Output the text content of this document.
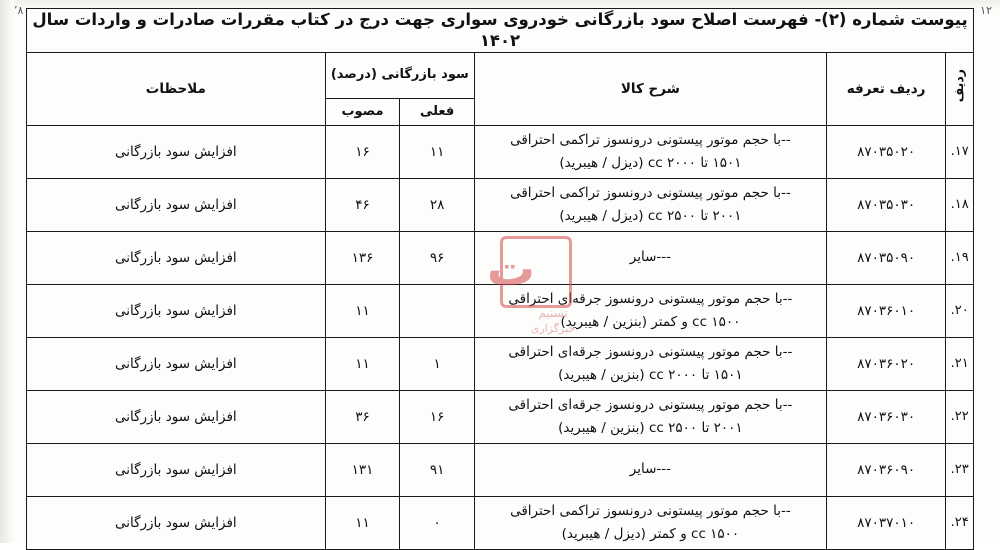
٬۸	۱۲
پیوست شماره (۲)- فهرست اصلاح سود بازرگانی خودروی سواری جهت درج در کتاب مقررات صادرات و واردات سال ۱۴۰۲					
ردیف	ردیف تعرفه	شرح کالا	سود بازرگانی (درصد)		ملاحظات
			فعلی	مصوب	
۱۷.	۸۷۰۳۵۰۲۰	--با حجم موتور پیستونی درونسوز تراکمی احتراقی
۱۵۰۱ تا ۲۰۰۰ cc (دیزل / هیبرید)	۱۱	۱۶	افزایش سود بازرگانی
۱۸.	۸۷۰۳۵۰۳۰	--با حجم موتور پیستونی درونسوز تراکمی احتراقی
۲۰۰۱ تا ۲۵۰۰ cc (دیزل / هیبرید)	۲۸	۴۶	افزایش سود بازرگانی
۱۹.	۸۷۰۳۵۰۹۰	---سایر	۹۶	۱۳۶	افزایش سود بازرگانی
۲۰.	۸۷۰۳۶۰۱۰	--با حجم موتور پیستونی درونسوز جرقه‌ای احتراقی
۱۵۰۰ cc و کمتر (بنزین / هیبرید)		۱۱	افزایش سود بازرگانی
۲۱.	۸۷۰۳۶۰۲۰	--با حجم موتور پیستونی درونسوز جرقه‌ای احتراقی
۱۵۰۱ تا ۲۰۰۰ cc (بنزین / هیبرید)	۱	۱۱	افزایش سود بازرگانی
۲۲.	۸۷۰۳۶۰۳۰	--با حجم موتور پیستونی درونسوز جرقه‌ای احتراقی
۲۰۰۱ تا ۲۵۰۰ cc (بنزین / هیبرید)	۱۶	۳۶	افزایش سود بازرگانی
۲۳.	۸۷۰۳۶۰۹۰	---سایر	۹۱	۱۳۱	افزایش سود بازرگانی
۲۴.	۸۷۰۳۷۰۱۰	--با حجم موتور پیستونی درونسوز تراکمی احتراقی
۱۵۰۰ cc و کمتر (دیزل / هیبرید)	۰	۱۱	افزایش سود بازرگانی
ت
تسنیم
خبرگزاری
